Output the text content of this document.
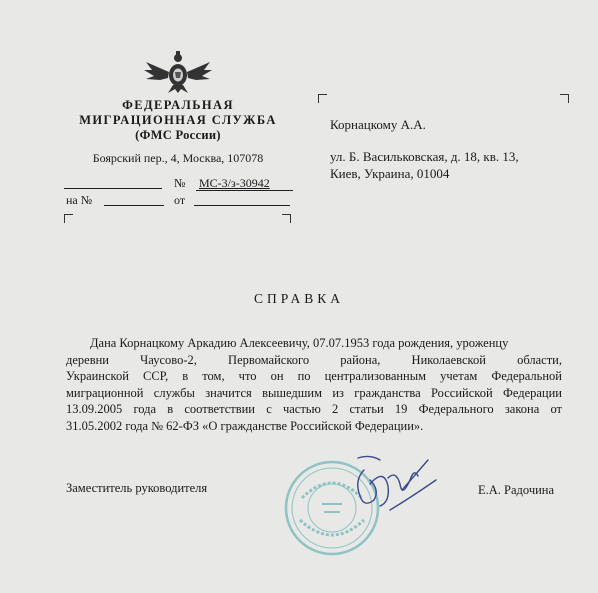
ФЕДЕРАЛЬНАЯ
МИГРАЦИОННАЯ СЛУЖБА
(ФМС России)
Боярский пер., 4, Москва, 107078
№ МС-3/з-30942
на №	от
Корнацкому А.А.
ул. Б. Васильковская, д. 18, кв. 13,
Киев, Украина, 01004
СПРАВКА
Дана Корнацкому Аркадию Алексеевичу, 07.07.1953 года рождения, уроженцу
деревни Чаусово-2, Первомайского района, Николаевской области,
Украинской ССР, в том, что он по централизованным учетам Федеральной
миграционной службы значится вышедшим из гражданства Российской Федерации
13.09.2005 года в соответствии с частью 2 статьи 19 Федерального закона от
31.05.2002 года № 62-ФЗ «О гражданстве Российской Федерации».
Заместитель руководителя	Е.А. Радочина
